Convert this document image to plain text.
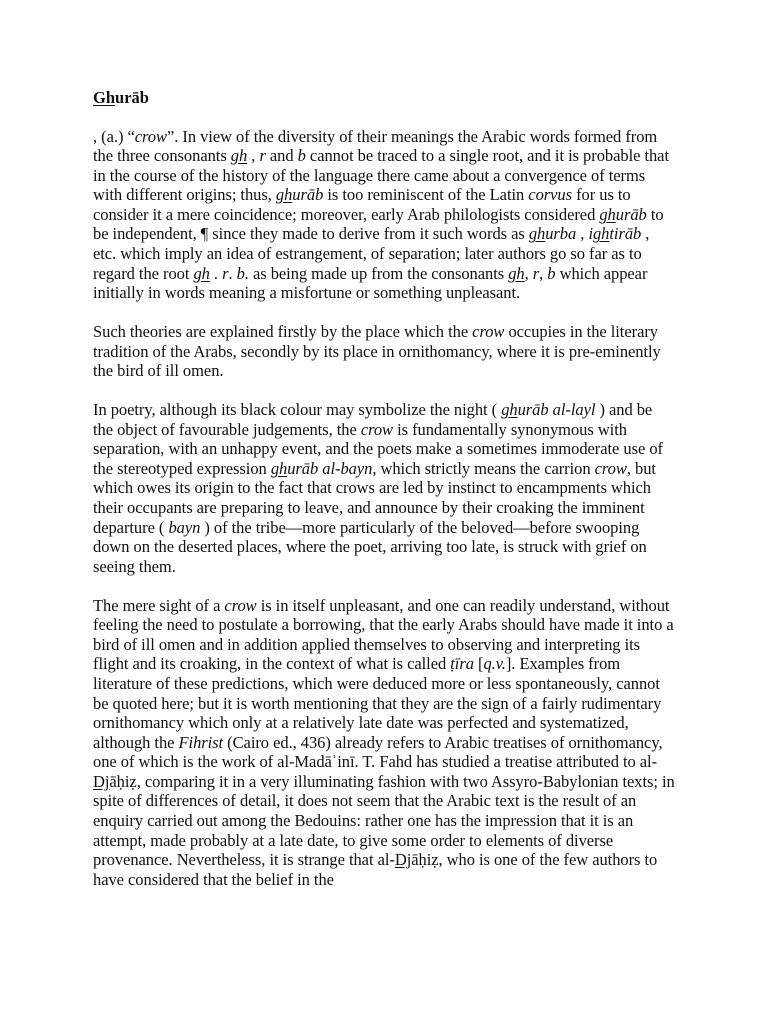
Ghurāb
, (a.) “crow”. In view of the diversity of their meanings the Arabic words formed from the three consonants gh , r and b cannot be traced to a single root, and it is probable that in the course of the history of the language there came about a convergence of terms with different origins; thus, ghurāb is too reminiscent of the Latin corvus for us to consider it a mere coincidence; moreover, early Arab philologists considered ghurāb to be independent, ¶ since they made to derive from it such words as ghurba , ightirāb , etc. which imply an idea of estrangement, of separation; later authors go so far as to regard the root gh . r. b. as being made up from the consonants gh, r, b which appear initially in words meaning a misfortune or something unpleasant.
Such theories are explained firstly by the place which the crow occupies in the literary tradition of the Arabs, secondly by its place in ornithomancy, where it is pre-eminently the bird of ill omen.
In poetry, although its black colour may symbolize the night ( ghurāb al-layl ) and be the object of favourable judgements, the crow is fundamentally synonymous with separation, with an unhappy event, and the poets make a sometimes immoderate use of the stereotyped expression ghurāb al-bayn, which strictly means the carrion crow, but which owes its origin to the fact that crows are led by instinct to encampments which their occupants are preparing to leave, and announce by their croaking the imminent departure ( bayn ) of the tribe—more particularly of the beloved—before swooping down on the deserted places, where the poet, arriving too late, is struck with grief on seeing them.
The mere sight of a crow is in itself unpleasant, and one can readily understand, without feeling the need to postulate a borrowing, that the early Arabs should have made it into a bird of ill omen and in addition applied themselves to observing and interpreting its flight and its croaking, in the context of what is called ṭīra [q.v.]. Examples from literature of these predictions, which were deduced more or less spontaneously, cannot be quoted here; but it is worth mentioning that they are the sign of a fairly rudimentary ornithomancy which only at a relatively late date was perfected and systematized, although the Fihrist (Cairo ed., 436) already refers to Arabic treatises of ornithomancy, one of which is the work of al-Madāʾinī. T. Fahd has studied a treatise attributed to al-Djāḥiẓ, comparing it in a very illuminating fashion with two Assyro-Babylonian texts; in spite of differences of detail, it does not seem that the Arabic text is the result of an enquiry carried out among the Bedouins: rather one has the impression that it is an attempt, made probably at a late date, to give some order to elements of diverse provenance. Nevertheless, it is strange that al-Djāḥiẓ, who is one of the few authors to have considered that the belief in the
